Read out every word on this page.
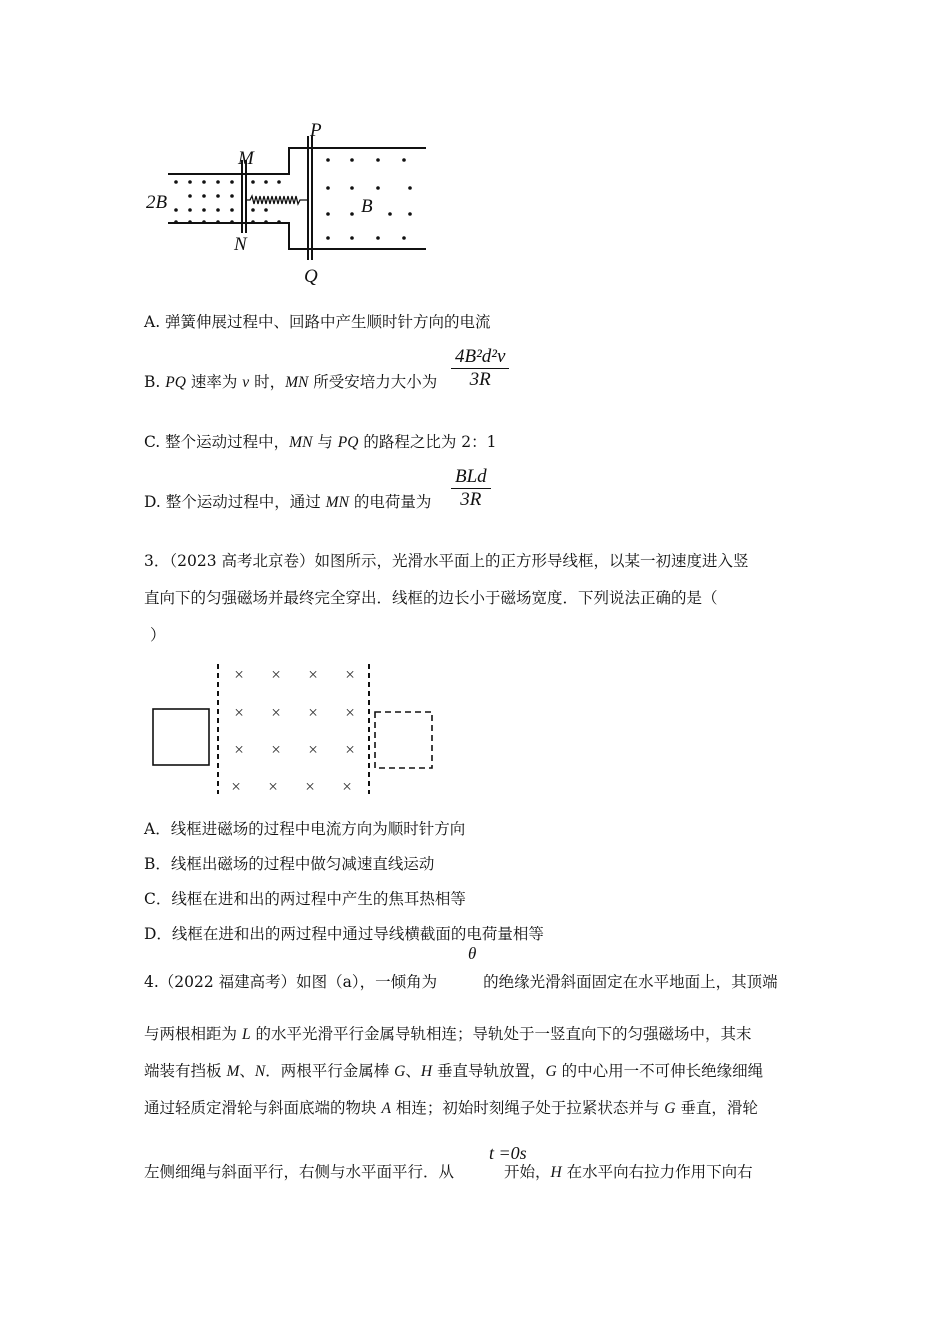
P
M
2B	B
N
Q
A. 弹簧伸展过程中、回路中产生顺时针方向的电流
B. PQ 速率为 v 时，MN 所受安培力大小为
4B²d²v
3R
C. 整个运动过程中，MN 与 PQ 的路程之比为 2：1
D. 整个运动过程中，通过 MN 的电荷量为
BLd
3R
3．（2023 高考北京卷）如图所示，光滑水平面上的正方形导线框，以某一初速度进入竖
直向下的匀强磁场并最终完全穿出．线框的边长小于磁场宽度．下列说法正确的是（
）
× × × ×
× × × ×
× × × ×
× × × ×
A．线框进磁场的过程中电流方向为顺时针方向
B．线框出磁场的过程中做匀减速直线运动
C．线框在进和出的两过程中产生的焦耳热相等
D．线框在进和出的两过程中通过导线横截面的电荷量相等
4.（2022 福建高考）如图（a），一倾角为	的绝缘光滑斜面固定在水平地面上，其顶端
θ
与两根相距为 L 的水平光滑平行金属导轨相连；导轨处于一竖直向下的匀强磁场中，其末
端装有挡板 M、N．两根平行金属棒 G、H 垂直导轨放置，G 的中心用一不可伸长绝缘细绳
通过轻质定滑轮与斜面底端的物块 A 相连；初始时刻绳子处于拉紧状态并与 G 垂直，滑轮
t =0s
左侧细绳与斜面平行，右侧与水平面平行．从	开始，H 在水平向右拉力作用下向右
